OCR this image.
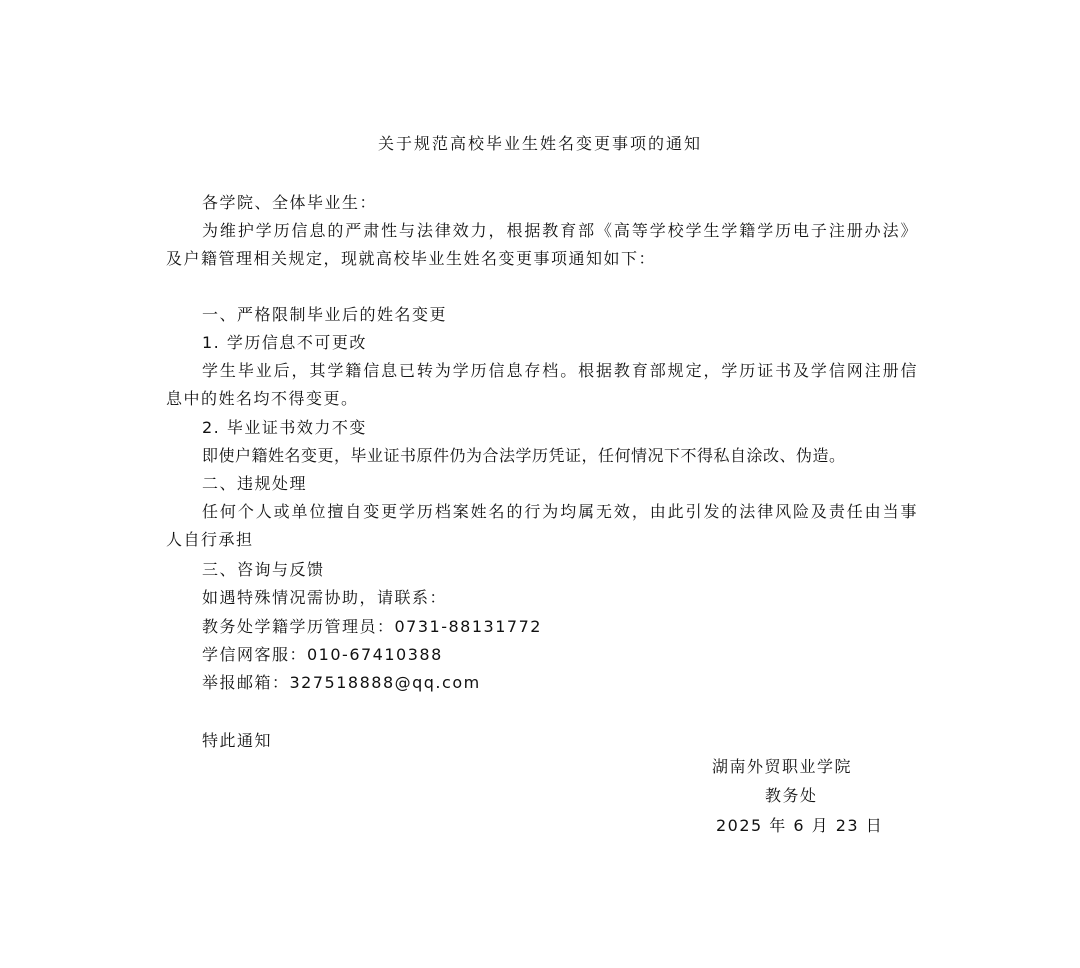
关于规范高校毕业生姓名变更事项的通知

各学院、全体毕业生：

为维护学历信息的严肃性与法律效力，根据教育部《高等学校学生学籍学历电子注册办法》及户籍管理相关规定，现就高校毕业生姓名变更事项通知如下：

一、严格限制毕业后的姓名变更

1. 学历信息不可更改

学生毕业后，其学籍信息已转为学历信息存档。根据教育部规定，学历证书及学信网注册信息中的姓名均不得变更。

2. 毕业证书效力不变

即使户籍姓名变更，毕业证书原件仍为合法学历凭证，任何情况下不得私自涂改、伪造。

二、违规处理

任何个人或单位擅自变更学历档案姓名的行为均属无效，由此引发的法律风险及责任由当事人自行承担

三、咨询与反馈

如遇特殊情况需协助，请联系：

教务处学籍学历管理员：0731-88131772

学信网客服：010-67410388

举报邮箱：327518888@qq.com

特此通知

湖南外贸职业学院
教务处
2025 年 6 月 23 日
